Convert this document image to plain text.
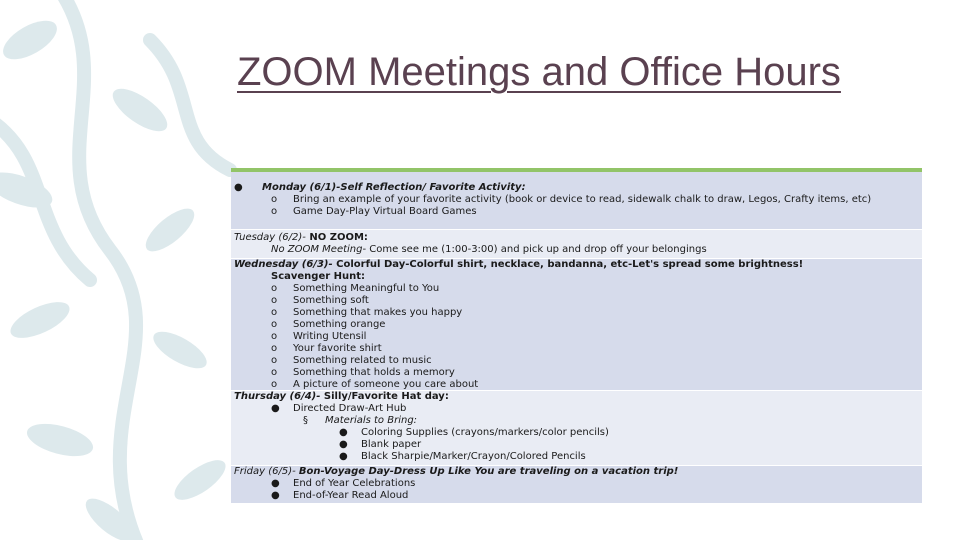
ZOOM Meetings and Office Hours
● Monday (6/1)-Self Reflection/ Favorite Activity:
o Bring an example of your favorite activity (book or device to read, sidewalk chalk to draw, Legos, Crafty items, etc)
o Game Day-Play Virtual Board Games
Tuesday (6/2)- NO ZOOM:
No ZOOM Meeting- Come see me (1:00-3:00) and pick up and drop off your belongings
Wednesday (6/3)- Colorful Day-Colorful shirt, necklace, bandanna, etc-Let's spread some brightness!
Scavenger Hunt:
o Something Meaningful to You
o Something soft
o Something that makes you happy
o Something orange
o Writing Utensil
o Your favorite shirt
o Something related to music
o Something that holds a memory
o A picture of someone you care about
Thursday (6/4)- Silly/Favorite Hat day:
● Directed Draw-Art Hub
§ Materials to Bring:
● Coloring Supplies (crayons/markers/color pencils)
● Blank paper
● Black Sharpie/Marker/Crayon/Colored Pencils
Friday (6/5)- Bon-Voyage Day-Dress Up Like You are traveling on a vacation trip!
● End of Year Celebrations
● End-of-Year Read Aloud
